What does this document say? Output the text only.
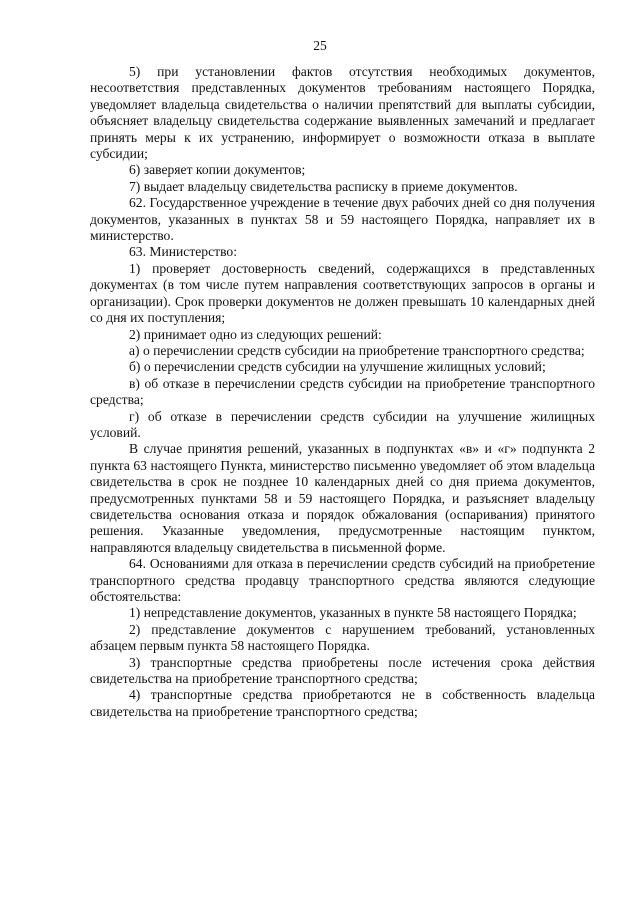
25

5) при установлении фактов отсутствия необходимых документов, несоответствия представленных документов требованиям настоящего Порядка, уведомляет владельца свидетельства о наличии препятствий для выплаты субсидии, объясняет владельцу свидетельства содержание выявленных замечаний и предлагает принять меры к их устранению, информирует о возможности отказа в выплате субсидии;

6) заверяет копии документов;

7) выдает владельцу свидетельства расписку в приеме документов.

62. Государственное учреждение в течение двух рабочих дней со дня получения документов, указанных в пунктах 58 и 59 настоящего Порядка, направляет их в министерство.

63. Министерство:

1) проверяет достоверность сведений, содержащихся в представленных документах (в том числе путем направления соответствующих запросов в органы и организации). Срок проверки документов не должен превышать 10 календарных дней со дня их поступления;

2) принимает одно из следующих решений:

а) о перечислении средств субсидии на приобретение транспортного средства;

б) о перечислении средств субсидии на улучшение жилищных условий;

в) об отказе в перечислении средств субсидии на приобретение транспортного средства;

г) об отказе в перечислении средств субсидии на улучшение жилищных условий.

В случае принятия решений, указанных в подпунктах «в» и «г» подпункта 2 пункта 63 настоящего Пункта, министерство письменно уведомляет об этом владельца свидетельства в срок не позднее 10 календарных дней со дня приема документов, предусмотренных пунктами 58 и 59 настоящего Порядка, и разъясняет владельцу свидетельства основания отказа и порядок обжалования (оспаривания) принятого решения. Указанные уведомления, предусмотренные настоящим пунктом, направляются владельцу свидетельства в письменной форме.

64. Основаниями для отказа в перечислении средств субсидий на приобретение транспортного средства продавцу транспортного средства являются следующие обстоятельства:

1) непредставление документов, указанных в пункте 58 настоящего Порядка;

2) представление документов с нарушением требований, установленных абзацем первым пункта 58 настоящего Порядка.

3) транспортные средства приобретены после истечения срока действия свидетельства на приобретение транспортного средства;

4) транспортные средства приобретаются не в собственность владельца свидетельства на приобретение транспортного средства;
